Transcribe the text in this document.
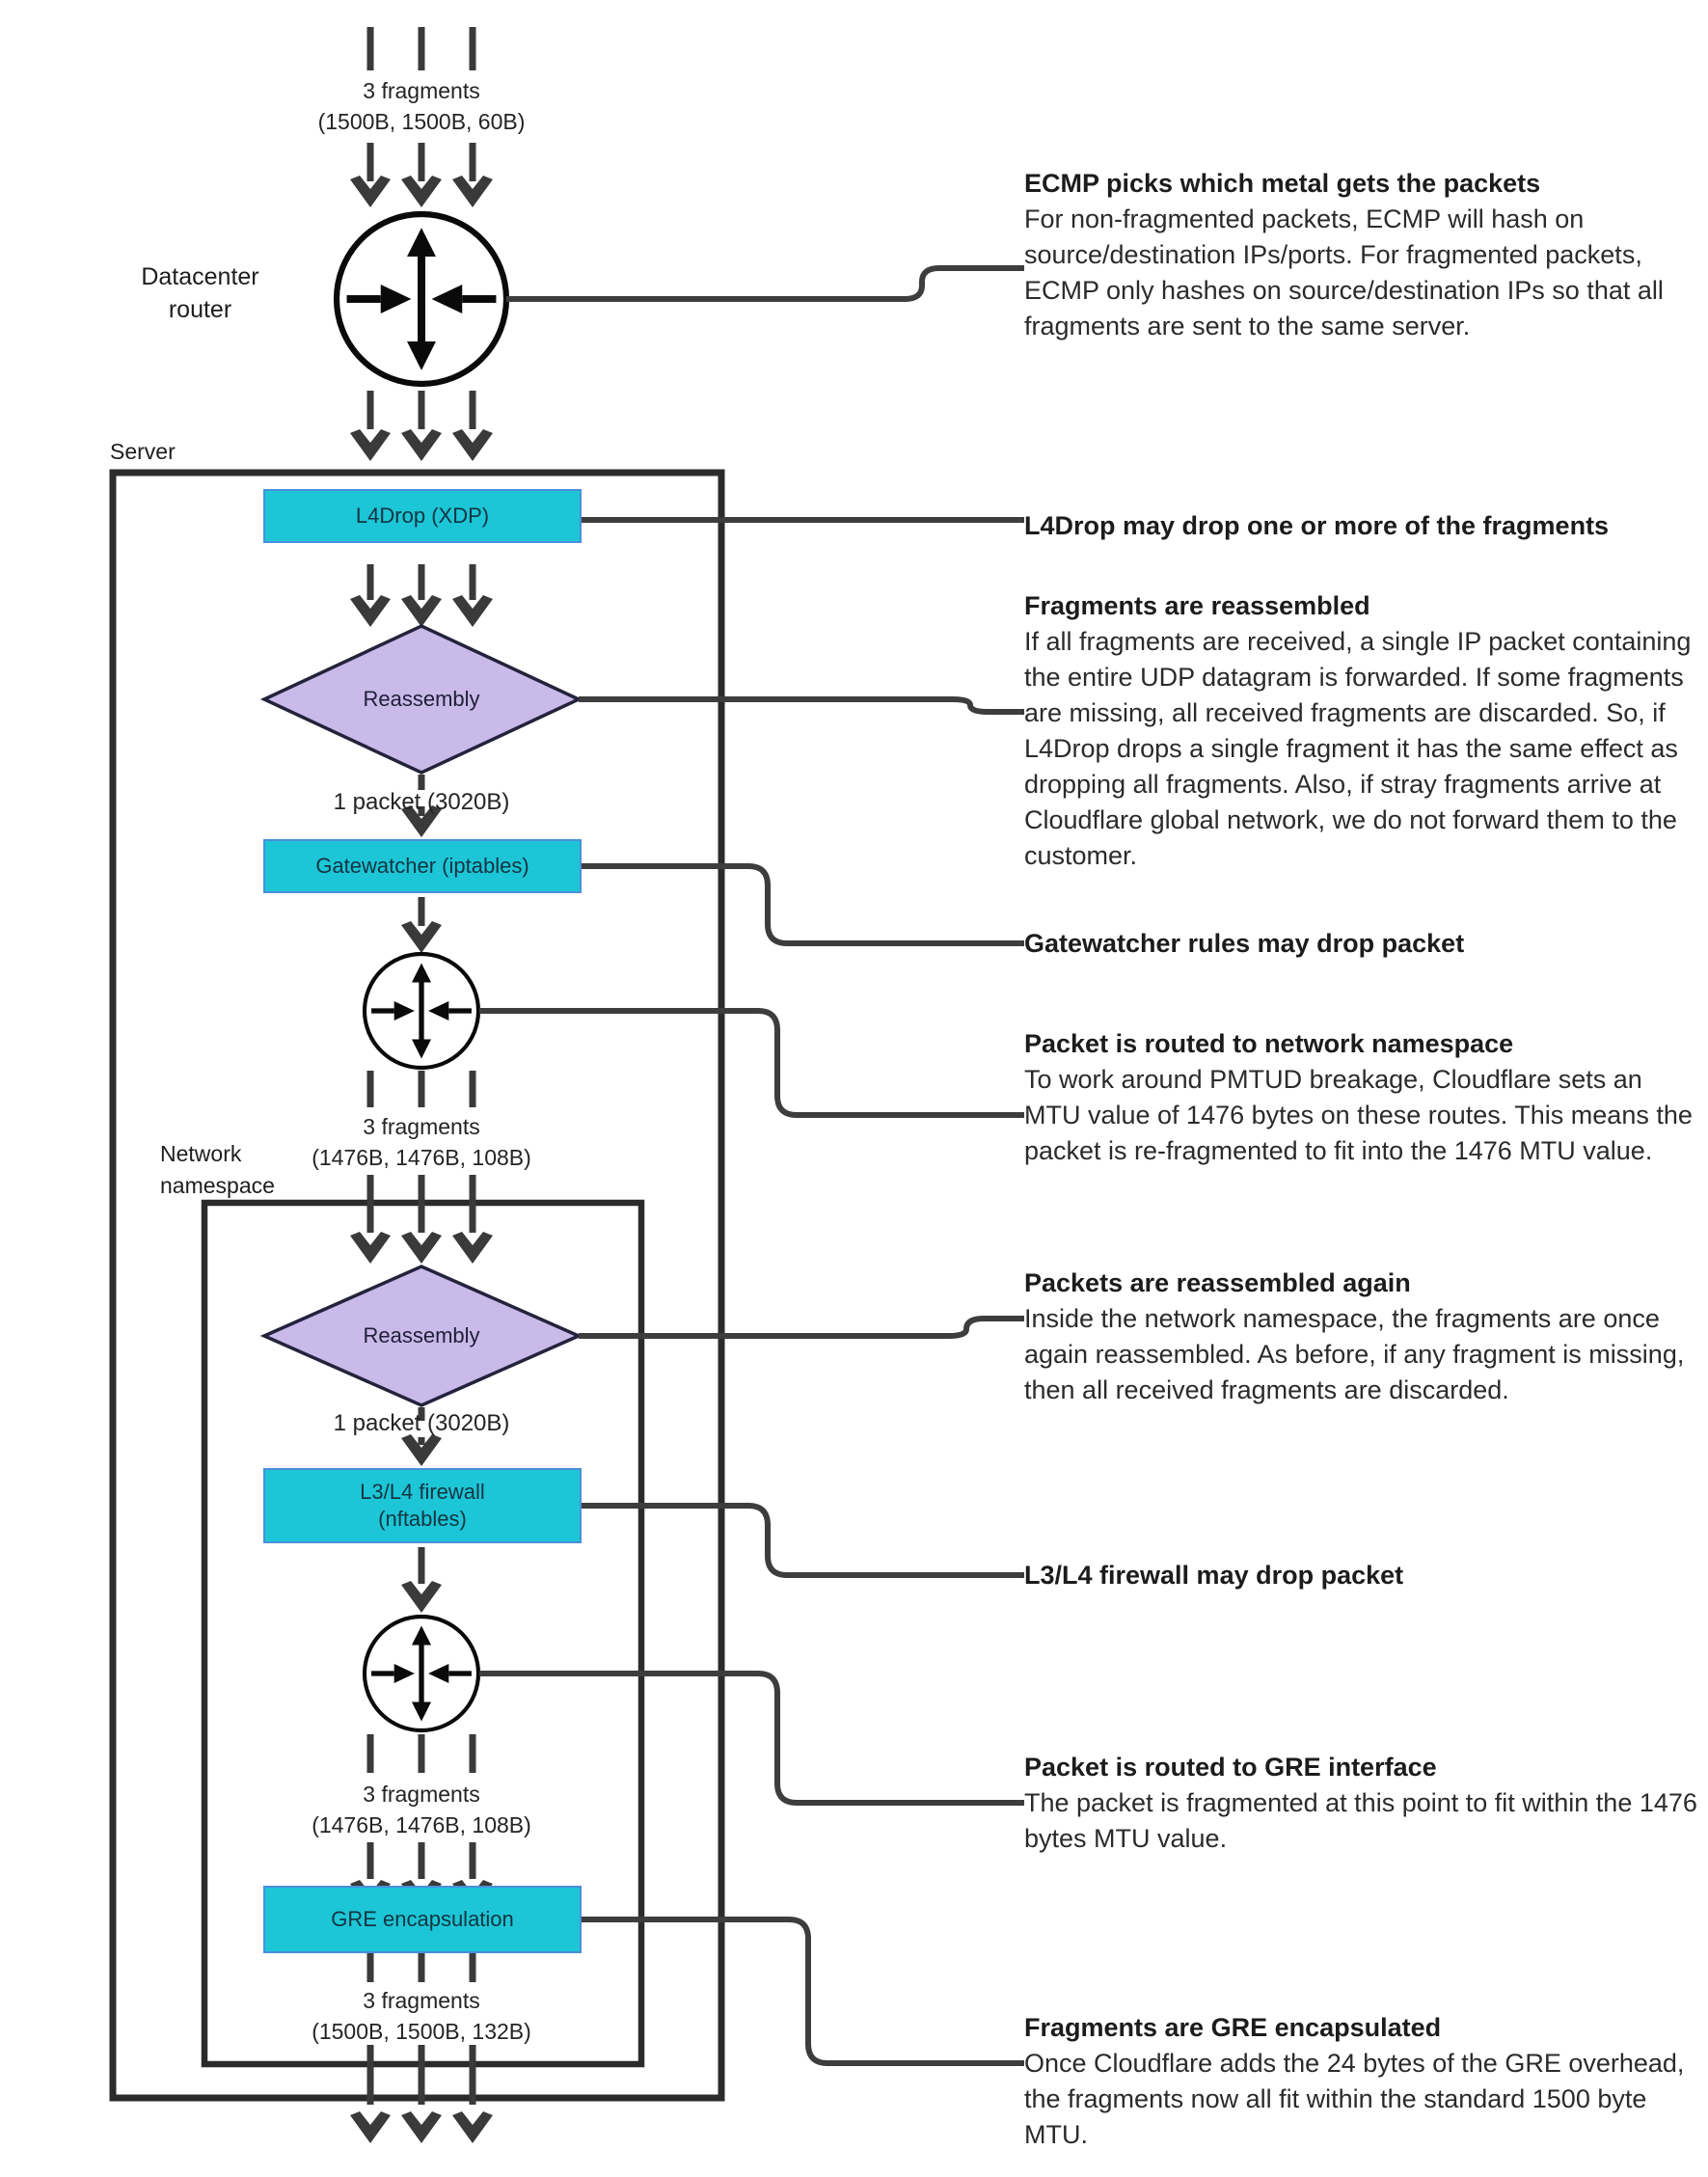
3 fragments
(1500B, 1500B, 60B)
Datacenter router
Server
L4Drop (XDP)
Reassembly
1 packet (3020B)
Gatewatcher (iptables)
3 fragments
(1476B, 1476B, 108B)
Network namespace
Reassembly
1 packet (3020B)
L3/L4 firewall
(nftables)
3 fragments
(1476B, 1476B, 108B)
GRE encapsulation
3 fragments
(1500B, 1500B, 132B)
ECMP picks which metal gets the packets

For non-fragmented packets, ECMP will hash on source/destination IPs/ports. For fragmented packets, ECMP only hashes on source/destination IPs so that all fragments are sent to the same server.

L4Drop may drop one or more of the fragments

Fragments are reassembled

If all fragments are received, a single IP packet containing the entire UDP datagram is forwarded. If some fragments are missing, all received fragments are discarded. So, if L4Drop drops a single fragment it has the same effect as dropping all fragments. Also, if stray fragments arrive at Cloudflare global network, we do not forward them to the customer.

Gatewatcher rules may drop packet

Packet is routed to network namespace

To work around PMTUD breakage, Cloudflare sets an MTU value of 1476 bytes on these routes. This means the packet is re-fragmented to fit into the 1476 MTU value.

Packets are reassembled again

Inside the network namespace, the fragments are once again reassembled. As before, if any fragment is missing, then all received fragments are discarded.

L3/L4 firewall may drop packet

Packet is routed to GRE interface

The packet is fragmented at this point to fit within the 1476 bytes MTU value.

Fragments are GRE encapsulated

Once Cloudflare adds the 24 bytes of the GRE overhead, the fragments now all fit within the standard 1500 byte MTU.
